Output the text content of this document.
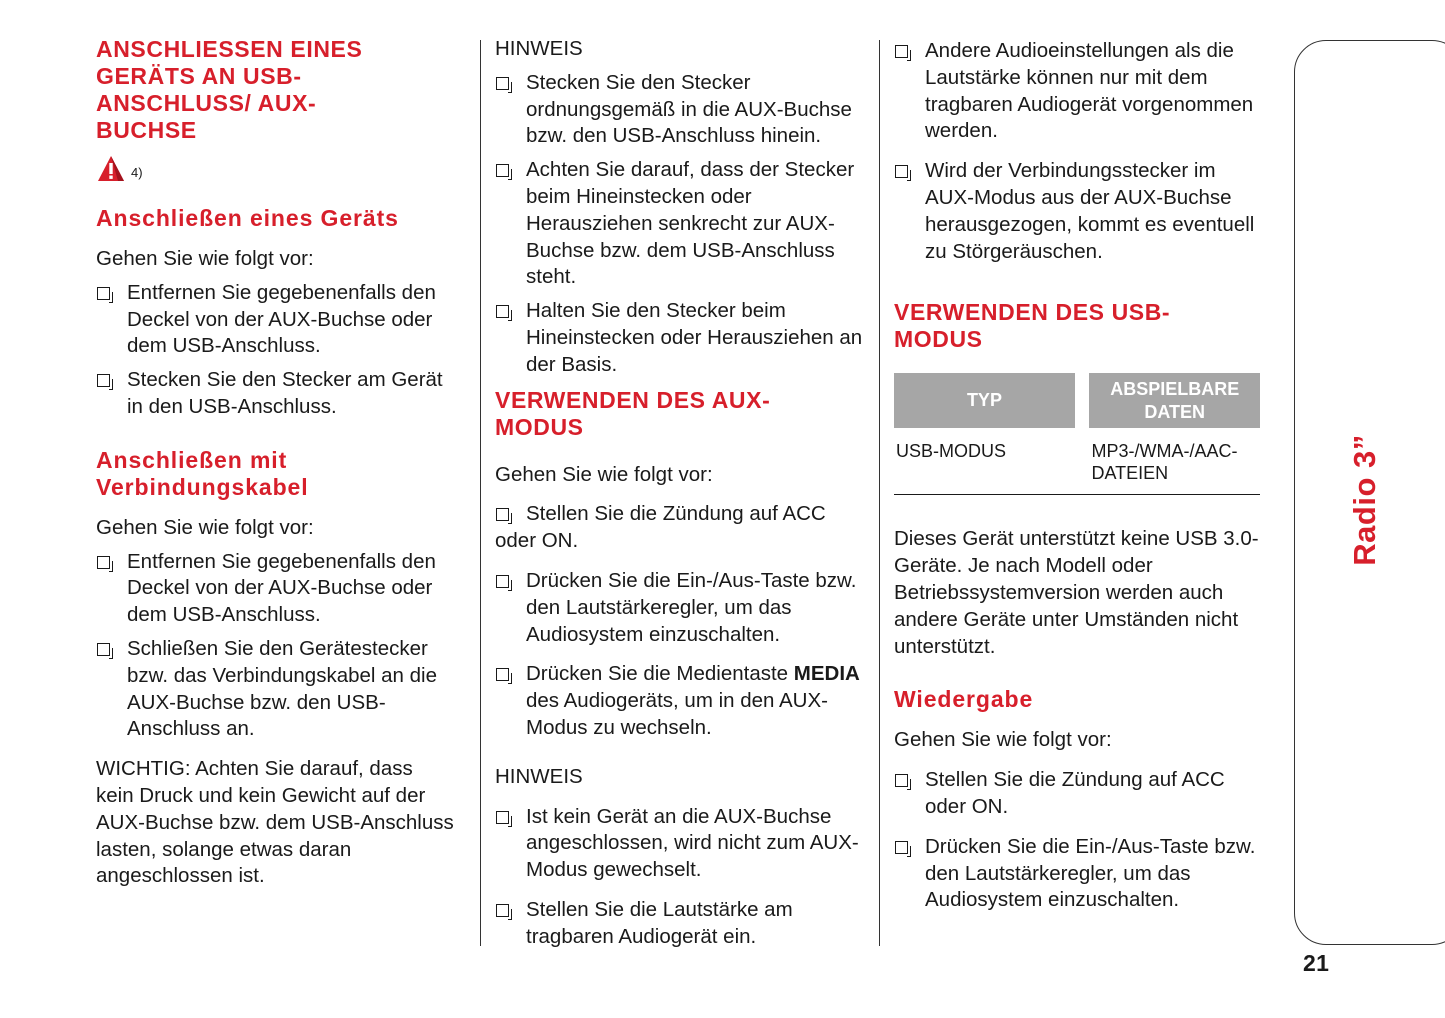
ANSCHLIESSEN EINES GERÄTS AN USB-ANSCHLUSS/ AUX-BUCHSE
4)
Anschließen eines Geräts

Gehen Sie wie folgt vor:

Entfernen Sie gegebenenfalls den Deckel von der AUX-Buchse oder dem USB-Anschluss.
Stecken Sie den Stecker am Gerät in den USB-Anschluss.
Anschließen mit Verbindungskabel

Gehen Sie wie folgt vor:

Entfernen Sie gegebenenfalls den Deckel von der AUX-Buchse oder dem USB-Anschluss.
Schließen Sie den Gerätestecker bzw. das Verbindungskabel an die AUX-Buchse bzw. den USB-Anschluss an.

WICHTIG: Achten Sie darauf, dass kein Druck und kein Gewicht auf der AUX-Buchse bzw. dem USB-Anschluss lasten, solange etwas daran angeschlossen ist.

HINWEIS

Stecken Sie den Stecker ordnungsgemäß in die AUX-Buchse bzw. den USB-Anschluss hinein.
Achten Sie darauf, dass der Stecker beim Hineinstecken oder Herausziehen senkrecht zur AUX-Buchse bzw. dem USB-Anschluss steht.
Halten Sie den Stecker beim Hineinstecken oder Herausziehen an der Basis.
VERWENDEN DES AUX-MODUS

Gehen Sie wie folgt vor:

Stellen Sie die Zündung auf ACC oder ON.
Drücken Sie die Ein-/Aus-Taste bzw. den Lautstärkeregler, um das Audiosystem einzuschalten.
Drücken Sie die Medientaste MEDIA des Audiogeräts, um in den AUX-Modus zu wechseln.

HINWEIS

Ist kein Gerät an die AUX-Buchse angeschlossen, wird nicht zum AUX-Modus gewechselt.
Stellen Sie die Lautstärke am tragbaren Audiogerät ein.
Andere Audioeinstellungen als die Lautstärke können nur mit dem tragbaren Audiogerät vorgenommen werden.
Wird der Verbindungsstecker im AUX-Modus aus der AUX-Buchse herausgezogen, kommt es eventuell zu Störgeräuschen.
VERWENDEN DES USB-MODUS
TYP		ABSPIELBARE DATEN
USB-MODUS		MP3-/WMA-/AAC-DATEIEN

Dieses Gerät unterstützt keine USB 3.0-Geräte. Je nach Modell oder Betriebssystemversion werden auch andere Geräte unter Umständen nicht unterstützt.

Wiedergabe

Gehen Sie wie folgt vor:

Stellen Sie die Zündung auf ACC oder ON.
Drücken Sie die Ein-/Aus-Taste bzw. den Lautstärkeregler, um das Audiosystem einzuschalten.
Radio 3”
21
